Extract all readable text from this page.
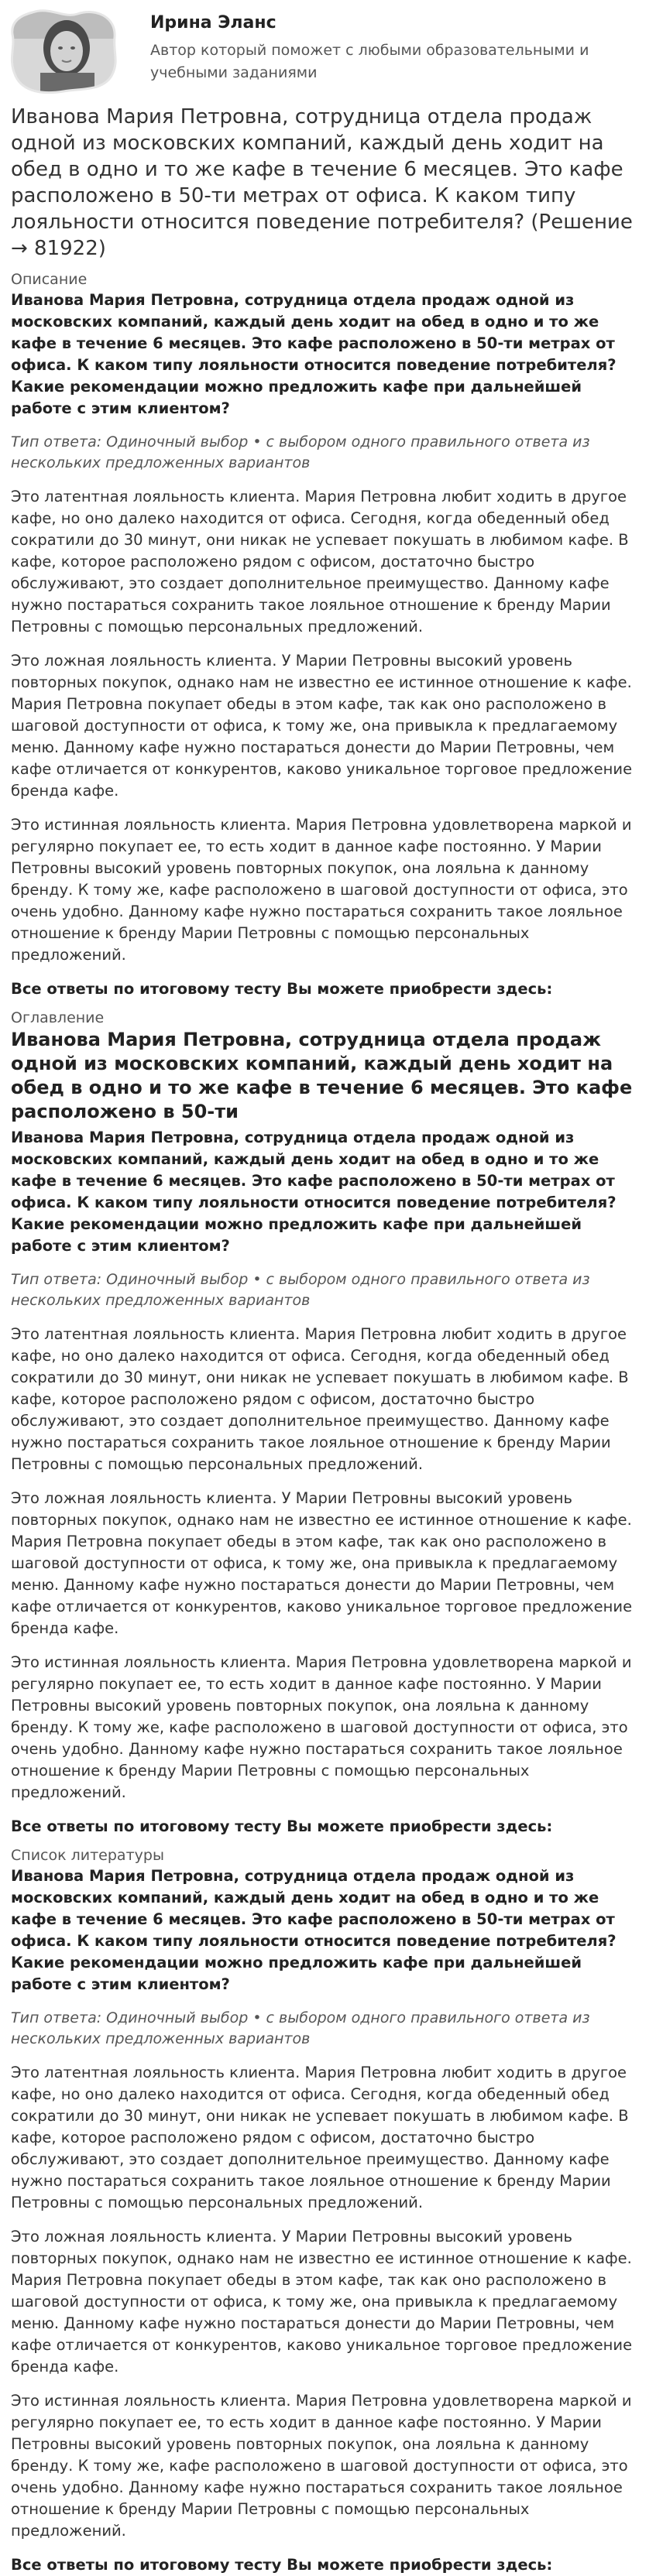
Ирина Эланс
Автор который поможет с любыми образовательными и учебными заданиями
Иванова Мария Петровна, сотрудница отдела продаж одной из московских компаний, каждый день ходит на обед в одно и то же кафе в течение 6 месяцев. Это кафе расположено в 50-ти метрах от офиса. К каком типу лояльности относится поведение потребителя? (Решение → 81922)

Описание

Иванова Мария Петровна, сотрудница отдела продаж одной из московских компаний, каждый день ходит на обед в одно и то же кафе в течение 6 месяцев. Это кафе расположено в 50-ти метрах от офиса. К каком типу лояльности относится поведение потребителя? Какие рекомендации можно предложить кафе при дальнейшей работе с этим клиентом?

Тип ответа: Одиночный выбор • с выбором одного правильного ответа из нескольких предложенных вариантов

Это латентная лояльность клиента. Мария Петровна любит ходить в другое кафе, но оно далеко находится от офиса. Сегодня, когда обеденный обед сократили до 30 минут, они никак не успевает покушать в любимом кафе. В кафе, которое расположено рядом с офисом, достаточно быстро обслуживают, это создает дополнительное преимущество. Данному кафе нужно постараться сохранить такое лояльное отношение к бренду Марии Петровны с помощью персональных предложений.

Это ложная лояльность клиента. У Марии Петровны высокий уровень повторных покупок, однако нам не известно ее истинное отношение к кафе. Мария Петровна покупает обеды в этом кафе, так как оно расположено в шаговой доступности от офиса, к тому же, она привыкла к предлагаемому меню. Данному кафе нужно постараться донести до Марии Петровны, чем кафе отличается от конкурентов, каково уникальное торговое предложение бренда кафе.

Это истинная лояльность клиента. Мария Петровна удовлетворена маркой и регулярно покупает ее, то есть ходит в данное кафе постоянно. У Марии Петровны высокий уровень повторных покупок, она лояльна к данному бренду. К тому же, кафе расположено в шаговой доступности от офиса, это очень удобно. Данному кафе нужно постараться сохранить такое лояльное отношение к бренду Марии Петровны с помощью персональных предложений.

Все ответы по итоговому тесту Вы можете приобрести здесь:

Оглавление

Иванова Мария Петровна, сотрудница отдела продаж одной из московских компаний, каждый день ходит на обед в одно и то же кафе в течение 6 месяцев. Это кафе расположено в 50-ти

Иванова Мария Петровна, сотрудница отдела продаж одной из московских компаний, каждый день ходит на обед в одно и то же кафе в течение 6 месяцев. Это кафе расположено в 50-ти метрах от офиса. К каком типу лояльности относится поведение потребителя? Какие рекомендации можно предложить кафе при дальнейшей работе с этим клиентом?

Тип ответа: Одиночный выбор • с выбором одного правильного ответа из нескольких предложенных вариантов

Это латентная лояльность клиента. Мария Петровна любит ходить в другое кафе, но оно далеко находится от офиса. Сегодня, когда обеденный обед сократили до 30 минут, они никак не успевает покушать в любимом кафе. В кафе, которое расположено рядом с офисом, достаточно быстро обслуживают, это создает дополнительное преимущество. Данному кафе нужно постараться сохранить такое лояльное отношение к бренду Марии Петровны с помощью персональных предложений.

Это ложная лояльность клиента. У Марии Петровны высокий уровень повторных покупок, однако нам не известно ее истинное отношение к кафе. Мария Петровна покупает обеды в этом кафе, так как оно расположено в шаговой доступности от офиса, к тому же, она привыкла к предлагаемому меню. Данному кафе нужно постараться донести до Марии Петровны, чем кафе отличается от конкурентов, каково уникальное торговое предложение бренда кафе.

Это истинная лояльность клиента. Мария Петровна удовлетворена маркой и регулярно покупает ее, то есть ходит в данное кафе постоянно. У Марии Петровны высокий уровень повторных покупок, она лояльна к данному бренду. К тому же, кафе расположено в шаговой доступности от офиса, это очень удобно. Данному кафе нужно постараться сохранить такое лояльное отношение к бренду Марии Петровны с помощью персональных предложений.

Все ответы по итоговому тесту Вы можете приобрести здесь:

Список литературы

Иванова Мария Петровна, сотрудница отдела продаж одной из московских компаний, каждый день ходит на обед в одно и то же кафе в течение 6 месяцев. Это кафе расположено в 50-ти метрах от офиса. К каком типу лояльности относится поведение потребителя? Какие рекомендации можно предложить кафе при дальнейшей работе с этим клиентом?

Тип ответа: Одиночный выбор • с выбором одного правильного ответа из нескольких предложенных вариантов

Это латентная лояльность клиента. Мария Петровна любит ходить в другое кафе, но оно далеко находится от офиса. Сегодня, когда обеденный обед сократили до 30 минут, они никак не успевает покушать в любимом кафе. В кафе, которое расположено рядом с офисом, достаточно быстро обслуживают, это создает дополнительное преимущество. Данному кафе нужно постараться сохранить такое лояльное отношение к бренду Марии Петровны с помощью персональных предложений.

Это ложная лояльность клиента. У Марии Петровны высокий уровень повторных покупок, однако нам не известно ее истинное отношение к кафе. Мария Петровна покупает обеды в этом кафе, так как оно расположено в шаговой доступности от офиса, к тому же, она привыкла к предлагаемому меню. Данному кафе нужно постараться донести до Марии Петровны, чем кафе отличается от конкурентов, каково уникальное торговое предложение бренда кафе.

Это истинная лояльность клиента. Мария Петровна удовлетворена маркой и регулярно покупает ее, то есть ходит в данное кафе постоянно. У Марии Петровны высокий уровень повторных покупок, она лояльна к данному бренду. К тому же, кафе расположено в шаговой доступности от офиса, это очень удобно. Данному кафе нужно постараться сохранить такое лояльное отношение к бренду Марии Петровны с помощью персональных предложений.

Все ответы по итоговому тесту Вы можете приобрести здесь:
